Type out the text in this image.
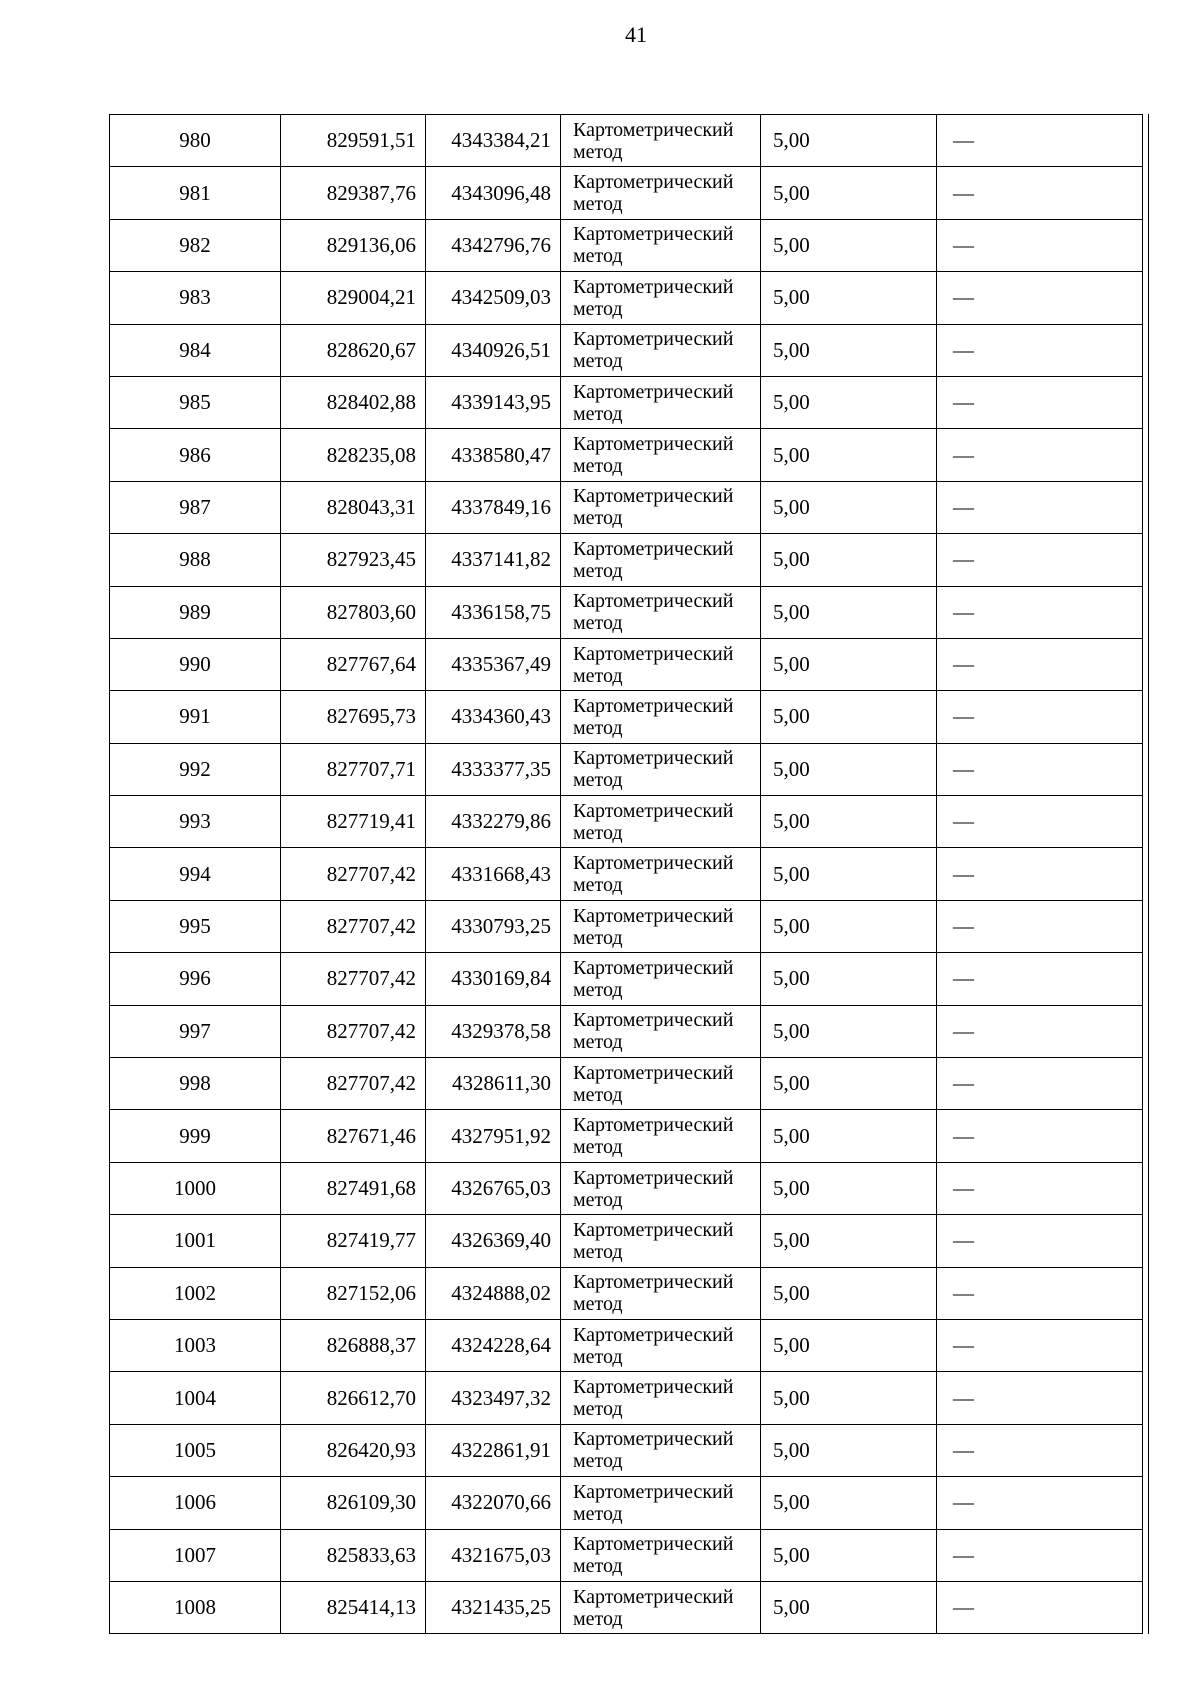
41
980	829591,51	4343384,21	Картометрический метод	5,00	—
981	829387,76	4343096,48	Картометрический метод	5,00	—
982	829136,06	4342796,76	Картометрический метод	5,00	—
983	829004,21	4342509,03	Картометрический метод	5,00	—
984	828620,67	4340926,51	Картометрический метод	5,00	—
985	828402,88	4339143,95	Картометрический метод	5,00	—
986	828235,08	4338580,47	Картометрический метод	5,00	—
987	828043,31	4337849,16	Картометрический метод	5,00	—
988	827923,45	4337141,82	Картометрический метод	5,00	—
989	827803,60	4336158,75	Картометрический метод	5,00	—
990	827767,64	4335367,49	Картометрический метод	5,00	—
991	827695,73	4334360,43	Картометрический метод	5,00	—
992	827707,71	4333377,35	Картометрический метод	5,00	—
993	827719,41	4332279,86	Картометрический метод	5,00	—
994	827707,42	4331668,43	Картометрический метод	5,00	—
995	827707,42	4330793,25	Картометрический метод	5,00	—
996	827707,42	4330169,84	Картометрический метод	5,00	—
997	827707,42	4329378,58	Картометрический метод	5,00	—
998	827707,42	4328611,30	Картометрический метод	5,00	—
999	827671,46	4327951,92	Картометрический метод	5,00	—
1000	827491,68	4326765,03	Картометрический метод	5,00	—
1001	827419,77	4326369,40	Картометрический метод	5,00	—
1002	827152,06	4324888,02	Картометрический метод	5,00	—
1003	826888,37	4324228,64	Картометрический метод	5,00	—
1004	826612,70	4323497,32	Картометрический метод	5,00	—
1005	826420,93	4322861,91	Картометрический метод	5,00	—
1006	826109,30	4322070,66	Картометрический метод	5,00	—
1007	825833,63	4321675,03	Картометрический метод	5,00	—
1008	825414,13	4321435,25	Картометрический метод	5,00	—
